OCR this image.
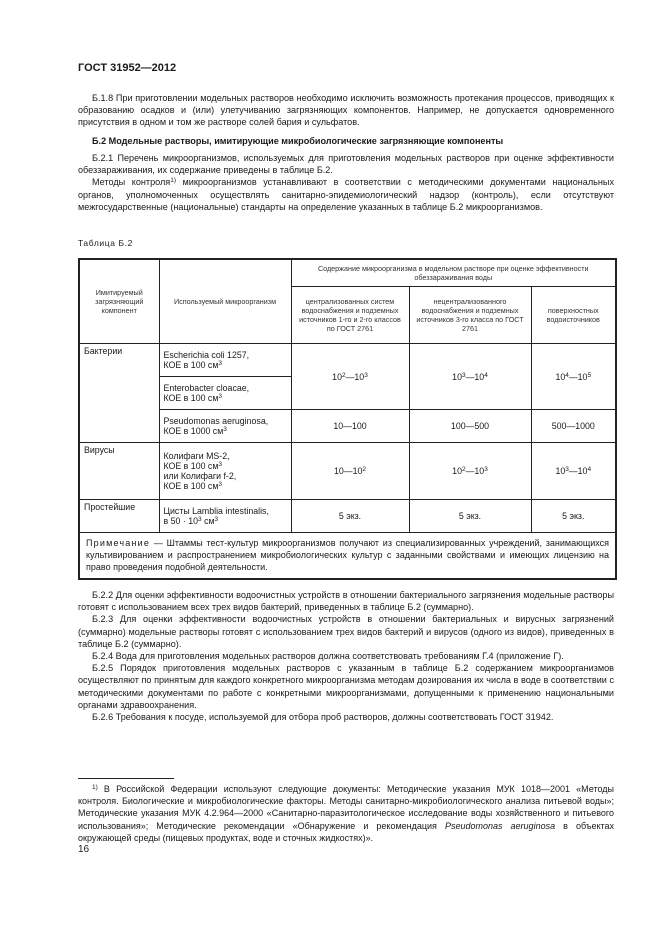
ГОСТ 31952—2012

Б.1.8 При приготовлении модельных растворов необходимо исключить возможность протекания процессов, приводящих к образованию осадков и (или) улетучиванию загрязняющих компонентов. Например, не допускается одновременного присутствия в одном и том же растворе солей бария и сульфатов.

Б.2 Модельные растворы, имитирующие микробиологические загрязняющие компоненты

Б.2.1 Перечень микроорганизмов, используемых для приготовления модельных растворов при оценке эффективности обеззараживания, их содержание приведены в таблице Б.2.

Методы контроля$^{1)}$ микроорганизмов устанавливают в соответствии с методическими документами национальных органов, уполномоченных осуществлять санитарно-эпидемиологический надзор (контроль), если отсутствуют межгосударственные (национальные) стандарты на определение указанных в таблице Б.2 микроорганизмов.

Таблица Б.2
Имитируемый загрязняющий компонент	Используемый микроорганизм	Содержание микроорганизма в модельном растворе при оценке эффективности обеззараживания воды		
		централизованных систем водоснабжения и подземных источников 1-го и 2-го классов по ГОСТ 2761	нецентрализованного водоснабжения и подземных источников 3-го класса по ГОСТ 2761	поверхностных водоисточников
Бактерии	Escherichia coli 1257,
КОЕ в 100 $см^3$	$10^2—10^3$	$10^3—10^4$	$10^4—10^5$

	Enterobacter cloacae,
КОЕ в 100 $см^3$

	Pseudomonas aeruginosa,
КОЕ в 1000 $см^3$	10—100	100—500	500—1000
Вирусы	Колифаги MS-2,
КОЕ в 100 $см^3$
или Колифаги f-2,
КОЕ в 100 $см^3$	$10—10^2$	$10^2—10^3$	$10^3—10^4$
Простейшие	Цисты Lamblia intestinalis,
в $50 \cdot 10^3$ $см^3$	5 экз.	5 экз.	5 экз.
Примечание — Штаммы тест-культур микроорганизмов получают из специализированных учреждений, занимающихся культивированием и распространением микробиологических культур с заданными свойствами и имеющих лицензию на право проведения подобной деятельности.				

Б.2.2 Для оценки эффективности водоочистных устройств в отношении бактериального загрязнения модельные растворы готовят с использованием всех трех видов бактерий, приведенных в таблице Б.2 (суммарно).

Б.2.3 Для оценки эффективности водоочистных устройств в отношении бактериальных и вирусных загрязнений (суммарно) модельные растворы готовят с использованием трех видов бактерий и вирусов (одного из видов), приведенных в таблице Б.2 (суммарно).

Б.2.4 Вода для приготовления модельных растворов должна соответствовать требованиям Г.4 (приложение Г).

Б.2.5 Порядок приготовления модельных растворов с указанным в таблице Б.2 содержанием микроорганизмов осуществляют по принятым для каждого конкретного микроорганизма методам дозирования их числа в воде в соответствии с методическими документами по работе с конкретными микроорганизмами, допущенными к применению национальными органами здравоохранения.

Б.2.6 Требования к посуде, используемой для отбора проб растворов, должны соответствовать ГОСТ 31942.

$^{1)}$ В Российской Федерации используют следующие документы: Методические указания МУК 1018—2001 «Методы контроля. Биологические и микробиологические факторы. Методы санитарно-микробиологического анализа питьевой воды»; Методические указания МУК 4.2.964—2000 «Санитарно-паразитологическое исследование воды хозяйственного и питьевого использования»; Методические рекомендации «Обнаружение и рекомендация Pseudomonas aeruginosa в объектах окружающей среды (пищевых продуктах, воде и сточных жидкостях)».
16
